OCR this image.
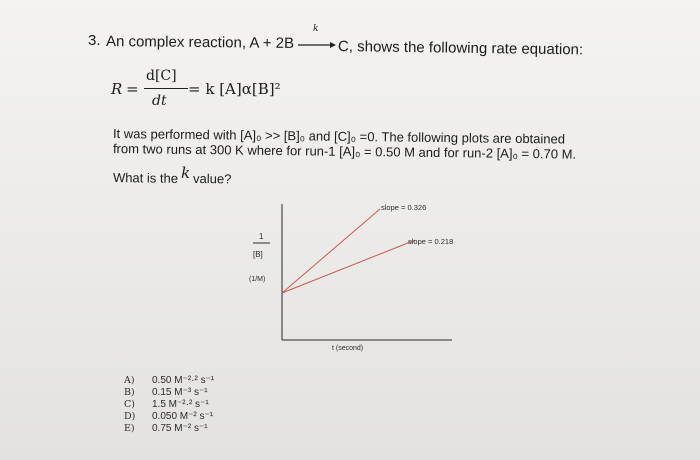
3. An complex reaction, A + 2B →
k
C, shows the following rate equation:
R =
d[C]
dt
= k [A]α[B]²
It was performed with [A]₀ >> [B]₀ and [C]₀ =0. The following plots are obtained
from two runs at 300 K where for run-1 [A]₀ = 0.50 M and for run-2 [A]₀ = 0.70 M.
What is the k value?
1
[B]
(1/M)
t (second)
slope = 0.326
slope = 0.218
A)	0.50 M⁻²·² s⁻¹
B)	0.15 M⁻³ s⁻¹
C)	1.5 M⁻²·² s⁻¹
D)	0.050 M⁻² s⁻¹
E)	0.75 M⁻² s⁻¹
